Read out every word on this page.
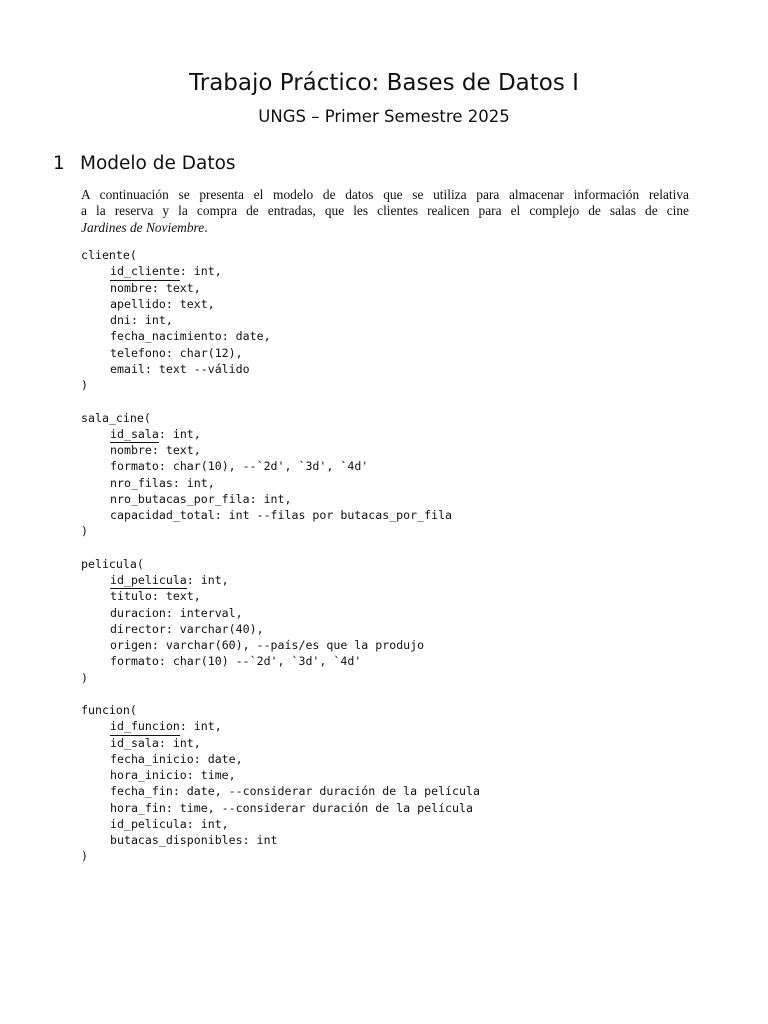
Trabajo Práctico: Bases de Datos I
UNGS – Primer Semestre 2025
1 Modelo de Datos
A continuación se presenta el modelo de datos que se utiliza para almacenar información relativa
a la reserva y la compra de entradas, que les clientes realicen para el complejo de salas de cine
Jardines de Noviembre.
cliente(
id_cliente: int,
nombre: text,
apellido: text,
dni: int,
fecha_nacimiento: date,
telefono: char(12),
email: text --válido
)
sala_cine(
id_sala: int,
nombre: text,
formato: char(10), --`2d', `3d', `4d'
nro_filas: int,
nro_butacas_por_fila: int,
capacidad_total: int --filas por butacas_por_fila
)
pelicula(
id_pelicula: int,
titulo: text,
duracion: interval,
director: varchar(40),
origen: varchar(60), --país/es que la produjo
formato: char(10) --`2d', `3d', `4d'
)
funcion(
id_funcion: int,
id_sala: int,
fecha_inicio: date,
hora_inicio: time,
fecha_fin: date, --considerar duración de la película
hora_fin: time, --considerar duración de la película
id_pelicula: int,
butacas_disponibles: int
)
